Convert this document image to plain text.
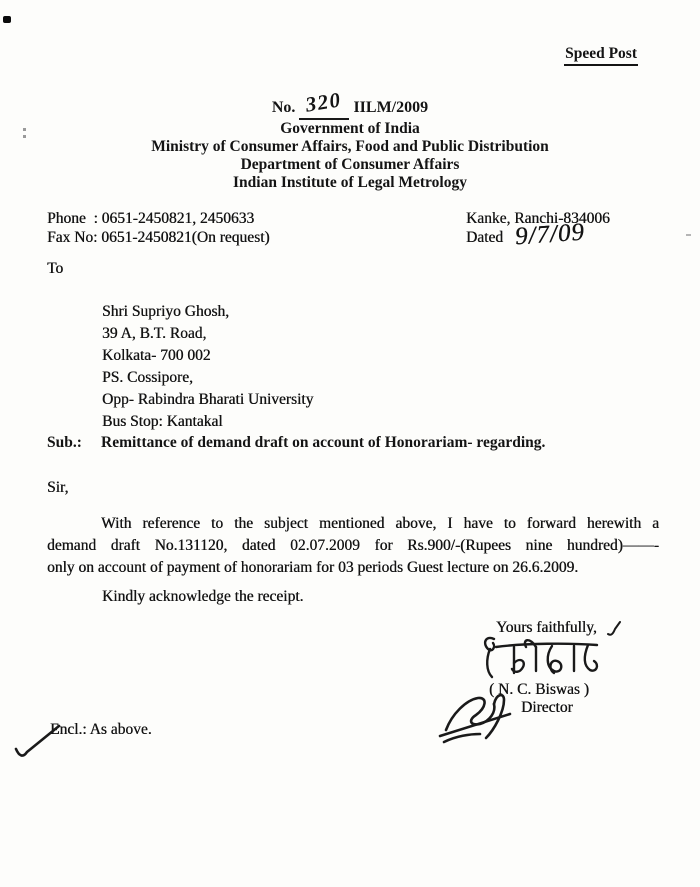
Speed Post
No. 320 IILM/2009
Government of India
Ministry of Consumer Affairs, Food and Public Distribution
Department of Consumer Affairs
Indian Institute of Legal Metrology
Phone  : 0651-2450821, 2450633
Fax No: 0651-2450821(On request)
Kanke, Ranchi-834006
Dated 9/7/09
To
Shri Supriyo Ghosh,
39 A, B.T. Road,
Kolkata- 700 002
PS. Cossipore,
Opp- Rabindra Bharati University
Bus Stop: Kantakal
Sub.:	Remittance of demand draft on account of Honorariam- regarding.
Sir,
With reference to the subject mentioned above, I have to forward herewith a
demand draft No.131120, dated 02.07.2009 for Rs.900/-(Rupees nine hundred)——-
only on account of payment of honorariam for 03 periods Guest lecture on 26.6.2009.
Kindly acknowledge the receipt.
Yours faithfully,
( N. C. Biswas )
Director
Encl.: As above.
